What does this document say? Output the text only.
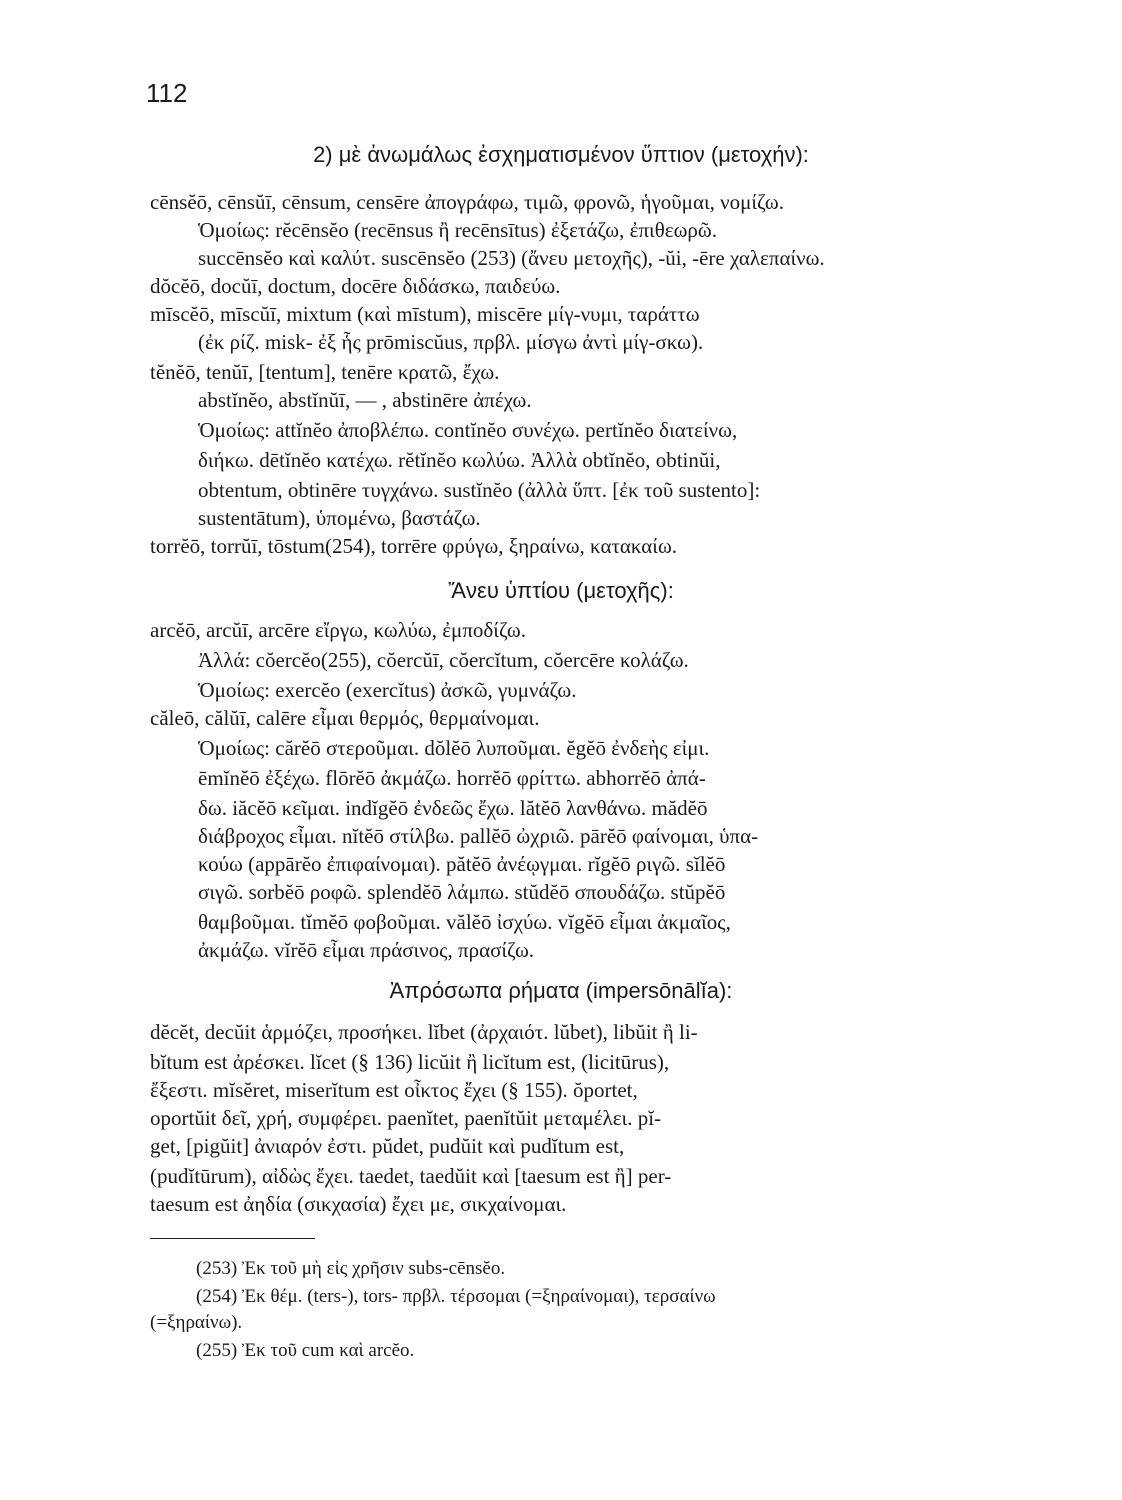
112
2) μὲ ἀνωμάλως ἐσχηματισμένον ὕπτιον (μετοχήν):
cēnsĕō, cēnsŭī, cēnsum, censēre ἀπογράφω, τιμῶ, φρονῶ, ἡγοῦμαι, νομίζω.
Ὁμοίως: rĕcēnsĕo (recēnsus ἢ recēnsītus) ἐξετάζω, ἐπιθεωρῶ.
succēnsĕo καὶ καλύτ. suscēnsĕo (253) (ἄνευ μετοχῆς), -ŭi, -ēre χαλεπαίνω.
dŏcĕō, docŭī, doctum, docēre διδάσκω, παιδεύω.
mīscĕō, mīscŭī, mixtum (καὶ mīstum), miscēre μίγ-νυμι, ταράττω
(ἐκ ρίζ. misk- ἐξ ἧς prōmiscŭus, πρβλ. μίσγω ἀντὶ μίγ-σκω).
tĕnĕō, tenŭī, [tentum], tenēre κρατῶ, ἔχω.
abstĭnĕo, abstĭnŭī, — , abstinēre ἀπέχω.
Ὁμοίως: attĭnĕo ἀποβλέπω. contĭnĕo συνέχω. pertĭnĕo διατείνω,
διήκω. dētĭnĕo κατέχω. rĕtĭnĕo κωλύω. Ἀλλὰ obtĭnĕo, obtinŭi,
obtentum, obtinēre τυγχάνω. sustĭnĕo (ἀλλὰ ὕπτ. [ἐκ τοῦ sustento]:
sustentātum), ὑπομένω, βαστάζω.
torrĕō, torrŭī, tōstum(254), torrēre φρύγω, ξηραίνω, κατακαίω.
Ἄνευ ὑπτίου (μετοχῆς):
arcĕō, arcŭī, arcēre εἴργω, κωλύω, ἐμποδίζω.
Ἀλλά: cŏercĕo(255), cŏercŭī, cŏercĭtum, cŏercēre κολάζω.
Ὁμοίως: exercĕo (exercĭtus) ἀσκῶ, γυμνάζω.
căleō, călŭī, calēre εἶμαι θερμός, θερμαίνομαι.
Ὁμοίως: cărĕō στεροῦμαι. dŏlĕō λυποῦμαι. ĕgĕō ἐνδεὴς εἰμι.
ēmĭnĕō ἐξέχω. flōrĕō ἀκμάζω. horrĕō φρίττω. abhorrĕō ἀπά-
δω. iăcĕō κεῖμαι. indĭgĕō ἐνδεῶς ἔχω. lătĕō λανθάνω. mădĕō
διάβροχος εἶμαι. nĭtĕō στίλβω. pallĕō ὠχριῶ. pārĕō φαίνομαι, ὑπα-
κούω (appārĕo ἐπιφαίνομαι). pătĕō ἀνέῳγμαι. rĭgĕō ριγῶ. sĭlĕō
σιγῶ. sorbĕō ροφῶ. splendĕō λάμπω. stŭdĕō σπουδάζω. stŭpĕō
θαμβοῦμαι. tĭmĕō φοβοῦμαι. vălĕō ἰσχύω. vĭgĕō εἶμαι ἀκμαῖος,
ἀκμάζω. vĭrĕō εἶμαι πράσινος, πρασίζω.
Ἀπρόσωπα ρήματα (impersōnālĭa):
dĕcĕt, decŭit ἁρμόζει, προσήκει. lĭbet (ἀρχαιότ. lŭbet), libŭit ἢ li-
bĭtum est ἀρέσκει. lĭcet (§ 136) licŭit ἢ licĭtum est, (licitūrus),
ἔξεστι. mĭsĕret, miserĭtum est οἶκτος ἔχει (§ 155). ŏportet,
oportŭit δεῖ, χρή, συμφέρει. paenĭtet, paenĭtŭit μεταμέλει. pĭ-
get, [pigŭit] ἀνιαρόν ἐστι. pŭdet, pudŭit καὶ pudĭtum est,
(pudĭtūrum), αἰδὼς ἔχει. taedet, taedŭit καὶ [taesum est ἢ] per-
taesum est ἀηδία (σικχασία) ἔχει με, σικχαίνομαι.
(253) Ἐκ τοῦ μὴ εἰς χρῆσιν subs-cēnsĕo.
(254) Ἐκ θέμ. (ters-), tors- πρβλ. τέρσομαι (=ξηραίνομαι), τερσαίνω
(=ξηραίνω).
(255) Ἐκ τοῦ cum καὶ arcĕo.
